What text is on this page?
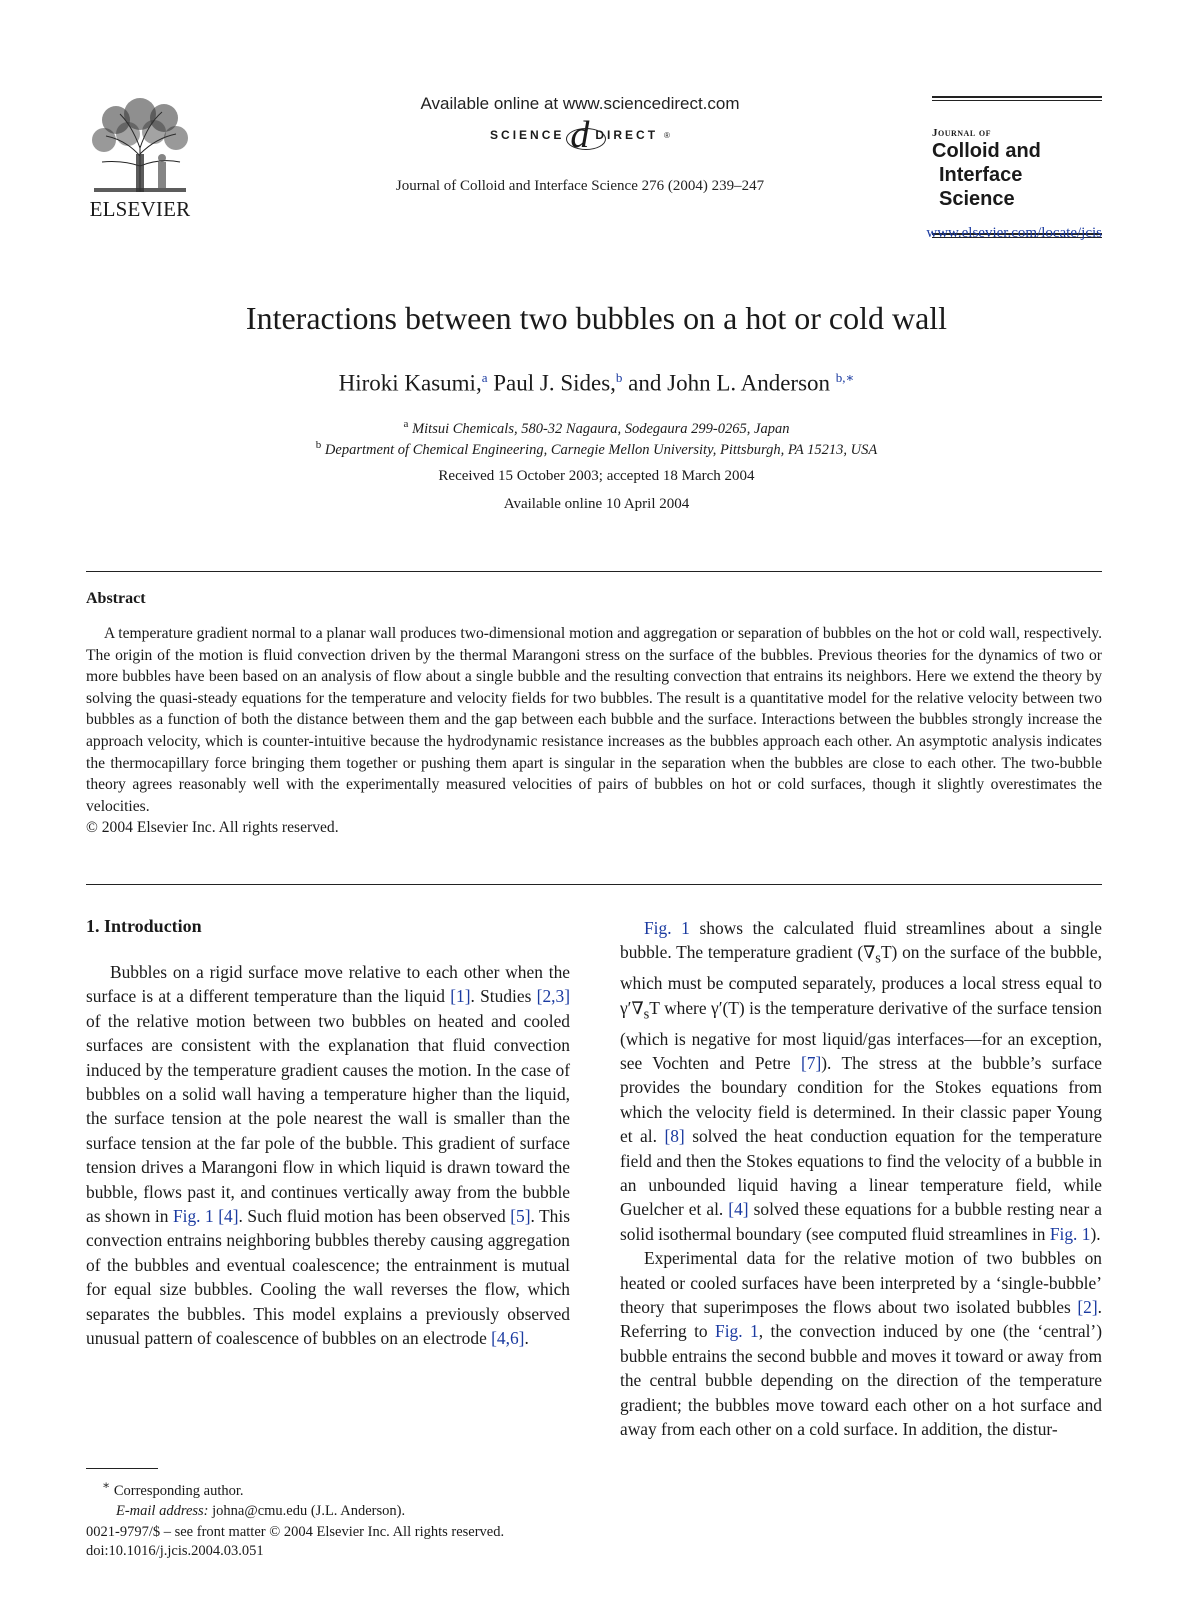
ELSEVIER
Available online at www.sciencedirect.com
SCIENCE d DIRECT ®
Journal of Colloid and Interface Science 276 (2004) 239–247
Journal of
Colloid and
Interface Science
www.elsevier.com/locate/jcis
Interactions between two bubbles on a hot or cold wall
Hiroki Kasumi,$^a$ Paul J. Sides,$^b$ and John L. Anderson $^{b,∗}$
$^a$ Mitsui Chemicals, 580-32 Nagaura, Sodegaura 299-0265, Japan
$^b$ Department of Chemical Engineering, Carnegie Mellon University, Pittsburgh, PA 15213, USA
Received 15 October 2003; accepted 18 March 2004
Available online 10 April 2004
Abstract

A temperature gradient normal to a planar wall produces two-dimensional motion and aggregation or separation of bubbles on the hot or cold wall, respectively. The origin of the motion is fluid convection driven by the thermal Marangoni stress on the surface of the bubbles. Previous theories for the dynamics of two or more bubbles have been based on an analysis of flow about a single bubble and the resulting convection that entrains its neighbors. Here we extend the theory by solving the quasi-steady equations for the temperature and velocity fields for two bubbles. The result is a quantitative model for the relative velocity between two bubbles as a function of both the distance between them and the gap between each bubble and the surface. Interactions between the bubbles strongly increase the approach velocity, which is counter-intuitive because the hydrodynamic resistance increases as the bubbles approach each other. An asymptotic analysis indicates the thermocapillary force bringing them together or pushing them apart is singular in the separation when the bubbles are close to each other. The two-bubble theory agrees reasonably well with the experimentally measured velocities of pairs of bubbles on hot or cold surfaces, though it slightly overestimates the velocities.

© 2004 Elsevier Inc. All rights reserved.

1. Introduction

Bubbles on a rigid surface move relative to each other when the surface is at a different temperature than the liquid [1]. Studies [2,3] of the relative motion between two bubbles on heated and cooled surfaces are consistent with the explanation that fluid convection induced by the temperature gradient causes the motion. In the case of bubbles on a solid wall having a temperature higher than the liquid, the surface tension at the pole nearest the wall is smaller than the surface tension at the far pole of the bubble. This gradient of surface tension drives a Marangoni flow in which liquid is drawn toward the bubble, flows past it, and continues vertically away from the bubble as shown in Fig. 1 [4]. Such fluid motion has been observed [5]. This convection entrains neighboring bubbles thereby causing aggregation of the bubbles and eventual coalescence; the entrainment is mutual for equal size bubbles. Cooling the wall reverses the flow, which separates the bubbles. This model explains a previously observed unusual pattern of coalescence of bubbles on an electrode [4,6].

Fig. 1 shows the calculated fluid streamlines about a single bubble. The temperature gradient $(\nabla_sT)$ on the surface of the bubble, which must be computed separately, produces a local stress equal to $\gamma'\nabla_sT$ where γ′(T) is the temperature derivative of the surface tension (which is negative for most liquid/gas interfaces—for an exception, see Vochten and Petre [7]). The stress at the bubble’s surface provides the boundary condition for the Stokes equations from which the velocity field is determined. In their classic paper Young et al. [8] solved the heat conduction equation for the temperature field and then the Stokes equations to find the velocity of a bubble in an unbounded liquid having a linear temperature field, while Guelcher et al. [4] solved these equations for a bubble resting near a solid isothermal boundary (see computed fluid streamlines in Fig. 1).

Experimental data for the relative motion of two bubbles on heated or cooled surfaces have been interpreted by a ‘single-bubble’ theory that superimposes the flows about two isolated bubbles [2]. Referring to Fig. 1, the convection induced by one (the ‘central’) bubble entrains the second bubble and moves it toward or away from the central bubble depending on the direction of the temperature gradient; the bubbles move toward each other on a hot surface and away from each other on a cold surface. In addition, the distur-

∗ Corresponding author.
E-mail address: johna@cmu.edu (J.L. Anderson).
0021-9797/$ – see front matter © 2004 Elsevier Inc. All rights reserved.
doi:10.1016/j.jcis.2004.03.051
